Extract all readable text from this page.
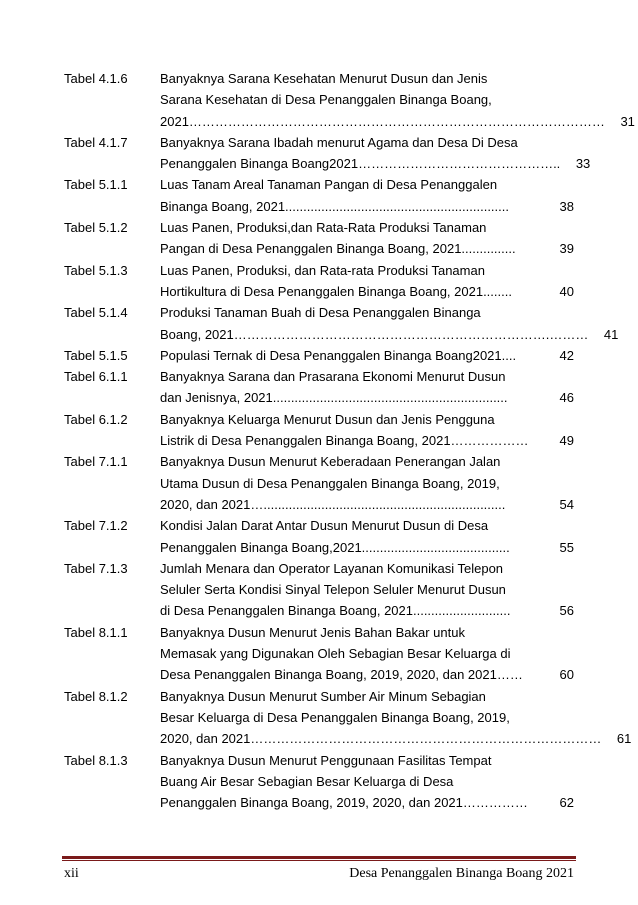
Tabel 4.1.6	Banyaknya Sarana Kesehatan Menurut Dusun dan Jenis
Sarana Kesehatan di Desa Penanggalen Binanga Boang,
2021……………………………………………………………………………………	31
Tabel 4.1.7	Banyaknya Sarana Ibadah menurut Agama dan Desa Di Desa
Penanggalen Binanga Boang2021………………………………………..	33
Tabel 5.1.1	Luas Tanam Areal Tanaman Pangan di Desa Penanggalen
Binanga Boang, 2021..............................................................	38
Tabel 5.1.2	Luas Panen, Produksi,dan Rata-Rata Produksi Tanaman
Pangan di Desa Penanggalen Binanga Boang, 2021...............	39
Tabel 5.1.3	Luas Panen, Produksi, dan Rata-rata Produksi Tanaman
Hortikultura di Desa Penanggalen Binanga Boang, 2021........	40
Tabel 5.1.4	Produksi Tanaman Buah di Desa Penanggalen Binanga
Boang, 2021……………………………………………………………….………	41
Tabel 5.1.5	Populasi Ternak di Desa Penanggalen Binanga Boang2021....	42
Tabel 6.1.1	Banyaknya Sarana dan Prasarana Ekonomi Menurut Dusun
dan Jenisnya, 2021.................................................................	46
Tabel 6.1.2	Banyaknya Keluarga Menurut Dusun dan Jenis Pengguna
Listrik di Desa Penanggalen Binanga Boang, 2021………………	49
Tabel 7.1.1	Banyaknya Dusun Menurut Keberadaan Penerangan Jalan
Utama Dusun di Desa Penanggalen Binanga Boang, 2019,
2020, dan 2021…...................................................................	54
Tabel 7.1.2	Kondisi Jalan Darat Antar Dusun Menurut Dusun di Desa
Penanggalen Binanga Boang,2021.........................................	55
Tabel 7.1.3	Jumlah Menara dan Operator Layanan Komunikasi Telepon
Seluler Serta Kondisi Sinyal Telepon Seluler Menurut Dusun
di Desa Penanggalen Binanga Boang, 2021...........................	56
Tabel 8.1.1	Banyaknya Dusun Menurut Jenis Bahan Bakar untuk
Memasak yang Digunakan Oleh Sebagian Besar Keluarga di
Desa Penanggalen Binanga Boang, 2019, 2020, dan 2021……	60
Tabel 8.1.2	Banyaknya Dusun Menurut Sumber Air Minum Sebagian
Besar Keluarga di Desa Penanggalen Binanga Boang, 2019,
2020, dan 2021………………………………………………………………………	61
Tabel 8.1.3	Banyaknya Dusun Menurut Penggunaan Fasilitas Tempat
Buang Air Besar Sebagian Besar Keluarga di Desa
Penanggalen Binanga Boang, 2019, 2020, dan 2021……………	62
xii	Desa Penanggalen Binanga Boang 2021
